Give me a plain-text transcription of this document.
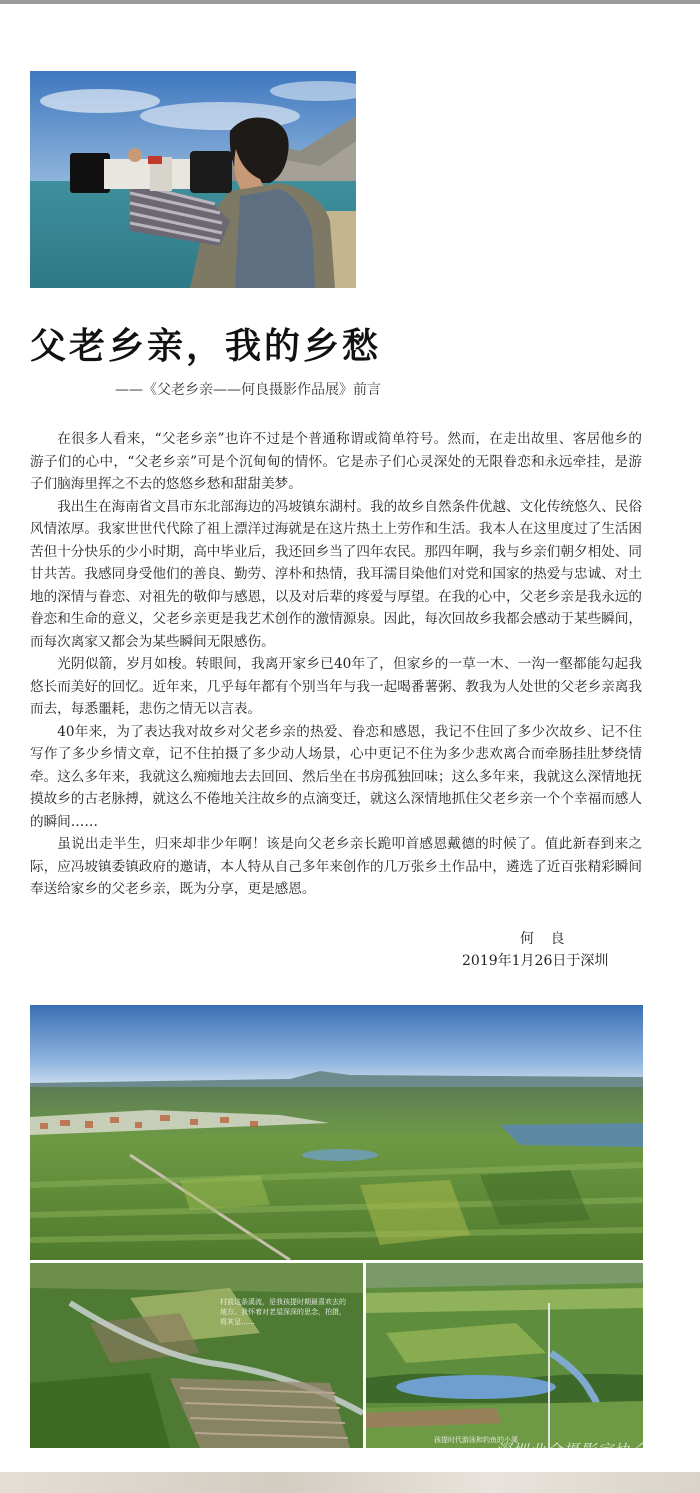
父老乡亲，我的乡愁
——《父老乡亲——何良摄影作品展》前言

在很多人看来，“父老乡亲”也许不过是个普通称谓或简单符号。然而，在走出故里、客居他乡的游子们的心中，“父老乡亲”可是个沉甸甸的情怀。它是赤子们心灵深处的无限眷恋和永远牵挂，是游子们脑海里挥之不去的悠悠乡愁和甜甜美梦。

我出生在海南省文昌市东北部海边的冯坡镇东湖村。我的故乡自然条件优越、文化传统悠久、民俗风情浓厚。我家世世代代除了祖上漂洋过海就是在这片热土上劳作和生活。我本人在这里度过了生活困苦但十分快乐的少小时期，高中毕业后，我还回乡当了四年农民。那四年啊，我与乡亲们朝夕相处、同甘共苦。我感同身受他们的善良、勤劳、淳朴和热情，我耳濡目染他们对党和国家的热爱与忠诚、对土地的深情与眷恋、对祖先的敬仰与感恩，以及对后辈的疼爱与厚望。在我的心中，父老乡亲是我永远的眷恋和生命的意义，父老乡亲更是我艺术创作的激情源泉。因此，每次回故乡我都会感动于某些瞬间，而每次离家又都会为某些瞬间无限感伤。

光阴似箭，岁月如梭。转眼间，我离开家乡已40年了，但家乡的一草一木、一沟一壑都能勾起我悠长而美好的回忆。近年来，几乎每年都有个别当年与我一起喝番薯粥、教我为人处世的父老乡亲离我而去，每悉噩耗，悲伤之情无以言表。

40年来，为了表达我对故乡对父老乡亲的热爱、眷恋和感恩，我记不住回了多少次故乡、记不住写作了多少乡情文章，记不住拍摄了多少动人场景，心中更记不住为多少悲欢离合而牵肠挂肚梦绕情牵。这么多年来，我就这么痴痴地去去回回、然后坐在书房孤独回味；这么多年来，我就这么深情地抚摸故乡的古老脉搏，就这么不倦地关注故乡的点滴变迁，就这么深情地抓住父老乡亲一个个幸福而感人的瞬间……

虽说出走半生，归来却非少年啊！该是向父老乡亲长跪叩首感恩戴德的时候了。值此新春到来之际，应冯坡镇委镇政府的邀请，本人特从自己多年来创作的几万张乡土作品中，遴选了近百张精彩瞬间奉送给家乡的父老乡亲，既为分享，更是感恩。

何 良
2019年1月26日于深圳
村前这条溪流，是我孩提时期最喜欢去的地方。我怀着对老屋深深的思念，拍摄，将其呈……
孩提时代游泳和钓鱼的小溪
深圳业余摄影家协会
